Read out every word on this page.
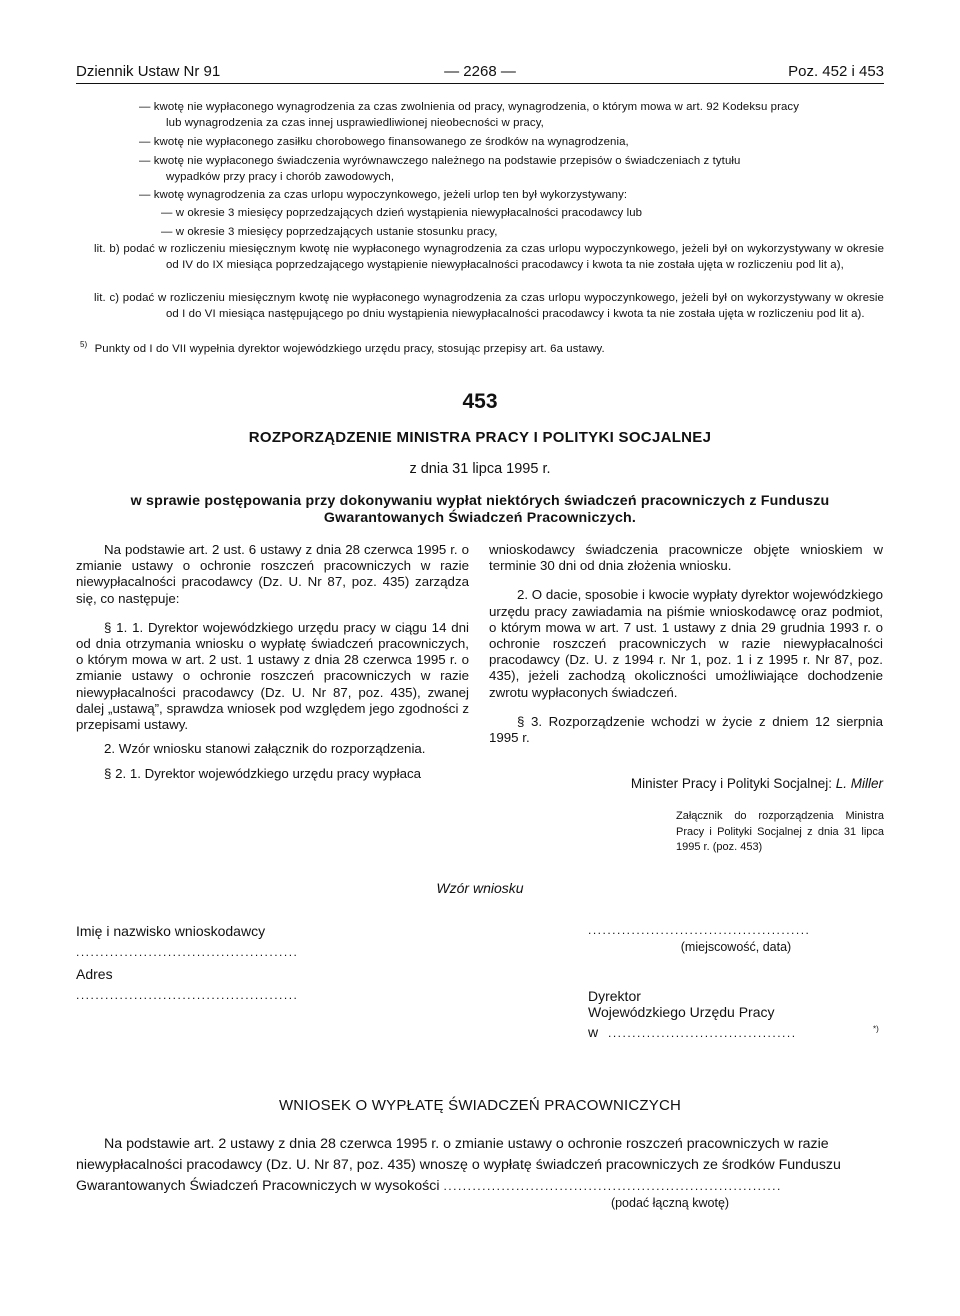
Dziennik Ustaw Nr 91	— 2268 —	Poz. 452 i 453
— kwotę nie wypłaconego wynagrodzenia za czas zwolnienia od pracy, wynagrodzenia, o którym mowa w art. 92 Kodeksu pracy
lub wynagrodzenia za czas innej usprawiedliwionej nieobecności w pracy,
— kwotę nie wypłaconego zasiłku chorobowego finansowanego ze środków na wynagrodzenia,
— kwotę nie wypłaconego świadczenia wyrównawczego należnego na podstawie przepisów o świadczeniach z tytułu
wypadków przy pracy i chorób zawodowych,
— kwotę wynagrodzenia za czas urlopu wypoczynkowego, jeżeli urlop ten był wykorzystywany:
— w okresie 3 miesięcy poprzedzających dzień wystąpienia niewypłacalności pracodawcy lub
— w okresie 3 miesięcy poprzedzających ustanie stosunku pracy,

lit. b) podać w rozliczeniu miesięcznym kwotę nie wypłaconego wynagrodzenia za czas urlopu wypoczynkowego, jeżeli był on wykorzystywany w okresie od IV do IX miesiąca poprzedzającego wystąpienie niewypłacalności pracodawcy i kwota ta nie została ujęta w rozliczeniu pod lit a),

lit. c) podać w rozliczeniu miesięcznym kwotę nie wypłaconego wynagrodzenia za czas urlopu wypoczynkowego, jeżeli był on wykorzystywany w okresie od I do VI miesiąca następującego po dniu wystąpienia niewypłacalności pracodawcy i kwota ta nie została ujęta w rozliczeniu pod lit a).

$^{5)}$ Punkty od I do VII wypełnia dyrektor wojewódzkiego urzędu pracy, stosując przepisy art. 6a ustawy.
453
ROZPORZĄDZENIE MINISTRA PRACY I POLITYKI SOCJALNEJ
z dnia 31 lipca 1995 r.
w sprawie postępowania przy dokonywaniu wypłat niektórych świadczeń pracowniczych z Funduszu
Gwarantowanych Świadczeń Pracowniczych.

Na podstawie art. 2 ust. 6 ustawy z dnia 28 czerwca 1995 r. o zmianie ustawy o ochronie roszczeń pracowniczych w razie niewypłacalności pracodawcy (Dz. U. Nr 87, poz. 435) zarządza się, co następuje:

§ 1. 1. Dyrektor wojewódzkiego urzędu pracy w ciągu 14 dni od dnia otrzymania wniosku o wypłatę świadczeń pracowniczych, o którym mowa w art. 2 ust. 1 ustawy z dnia 28 czerwca 1995 r. o zmianie ustawy o ochronie roszczeń pracowniczych w razie niewypłacalności pracodawcy (Dz. U. Nr 87, poz. 435), zwanej dalej „ustawą”, sprawdza wniosek pod względem jego zgodności z przepisami ustawy.

2. Wzór wniosku stanowi załącznik do rozporządzenia.

§ 2. 1. Dyrektor wojewódzkiego urzędu pracy wypłaca

wnioskodawcy świadczenia pracownicze objęte wnioskiem w terminie 30 dni od dnia złożenia wniosku.

2. O dacie, sposobie i kwocie wypłaty dyrektor wojewódzkiego urzędu pracy zawiadamia na piśmie wnioskodawcę oraz podmiot, o którym mowa w art. 7 ust. 1 ustawy z dnia 29 grudnia 1993 r. o ochronie roszczeń pracowniczych w razie niewypłacalności pracodawcy (Dz. U. z 1994 r. Nr 1, poz. 1 i z 1995 r. Nr 87, poz. 435), jeżeli zachodzą okoliczności umożliwiające dochodzenie zwrotu wypłaconych świadczeń.

§ 3. Rozporządzenie wchodzi w życie z dniem 12 sierpnia 1995 r.

Minister Pracy i Polityki Socjalnej: L. Miller
Załącznik do rozporządzenia Ministra Pracy i Polityki Socjalnej z dnia 31 lipca 1995 r. (poz. 453)
Wzór wniosku
Imię i nazwisko wnioskodawcy
..............................................
Adres
..............................................
..............................................
(miejscowość, data)
Dyrektor
Wojewódzkiego Urzędu Pracy
w .......................................	*)
WNIOSEK O WYPŁATĘ ŚWIADCZEŃ PRACOWNICZYCH
Na podstawie art. 2 ustawy z dnia 28 czerwca 1995 r. o zmianie ustawy o ochronie roszczeń pracowniczych w razie
niewypłacalności pracodawcy (Dz. U. Nr 87, poz. 435) wnoszę o wypłatę świadczeń pracowniczych ze środków Funduszu
Gwarantowanych Świadczeń Pracowniczych w wysokości ......................................................................
(podać łączną kwotę)
